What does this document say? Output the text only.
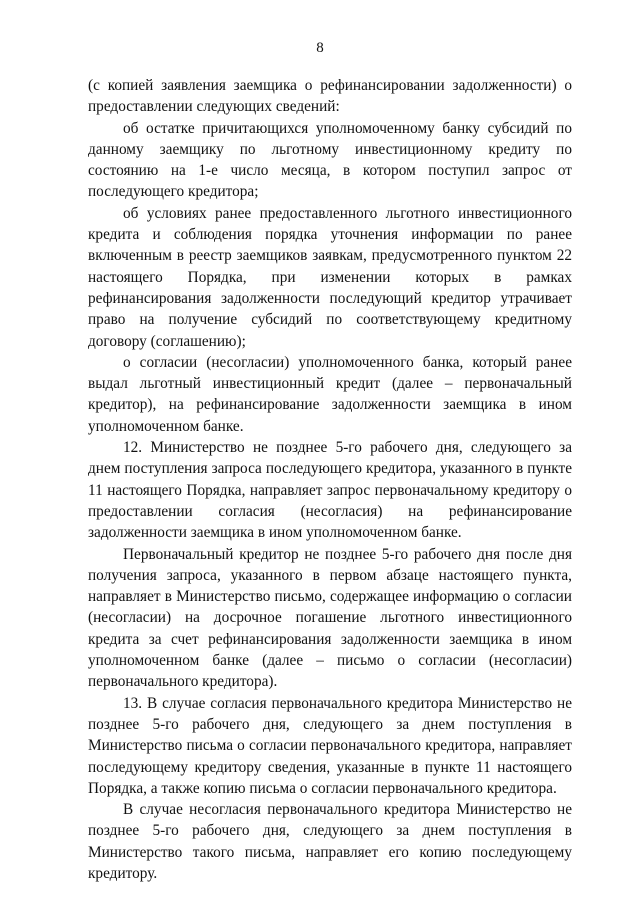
8

(с копией заявления заемщика о рефинансировании задолженности) о предоставлении следующих сведений:

об остатке причитающихся уполномоченному банку субсидий по данному заемщику по льготному инвестиционному кредиту по состоянию на 1-е число месяца, в котором поступил запрос от последующего кредитора;

об условиях ранее предоставленного льготного инвестиционного кредита и соблюдения порядка уточнения информации по ранее включенным в реестр заемщиков заявкам, предусмотренного пунктом 22 настоящего Порядка, при изменении которых в рамках рефинансирования задолженности последующий кредитор утрачивает право на получение субсидий по соответствующему кредитному договору (соглашению);

о согласии (несогласии) уполномоченного банка, который ранее выдал льготный инвестиционный кредит (далее – первоначальный кредитор), на рефинансирование задолженности заемщика в ином уполномоченном банке.

12. Министерство не позднее 5-го рабочего дня, следующего за днем поступления запроса последующего кредитора, указанного в пункте 11 настоящего Порядка, направляет запрос первоначальному кредитору о предоставлении согласия (несогласия) на рефинансирование задолженности заемщика в ином уполномоченном банке.

Первоначальный кредитор не позднее 5-го рабочего дня после дня получения запроса, указанного в первом абзаце настоящего пункта, направляет в Министерство письмо, содержащее информацию о согласии (несогласии) на досрочное погашение льготного инвестиционного кредита за счет рефинансирования задолженности заемщика в ином уполномоченном банке (далее – письмо о согласии (несогласии) первоначального кредитора).

13. В случае согласия первоначального кредитора Министерство не позднее 5-го рабочего дня, следующего за днем поступления в Министерство письма о согласии первоначального кредитора, направляет последующему кредитору сведения, указанные в пункте 11 настоящего Порядка, а также копию письма о согласии первоначального кредитора.

В случае несогласия первоначального кредитора Министерство не позднее 5-го рабочего дня, следующего за днем поступления в Министерство такого письма, направляет его копию последующему кредитору.
